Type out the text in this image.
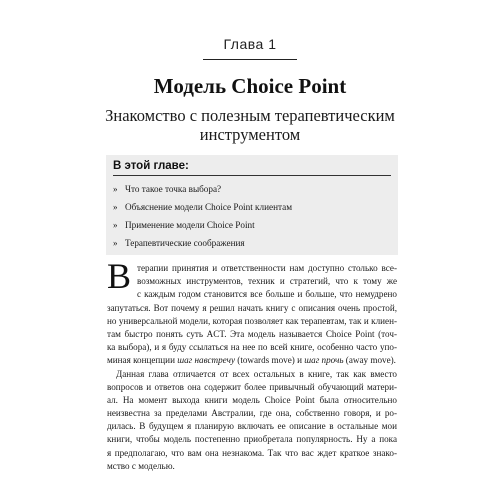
Глава 1
Модель Choice Point
Знакомство с полезным терапевтическим инструментом
В этой главе:
» Что такое точка выбора?
» Объяснение модели Choice Point клиентам
» Применение модели Choice Point
» Терапевтические соображения
В терапии принятия и ответственности нам доступно столько все-
возможных инструментов, техник и стратегий, что к тому же
с каждым годом становится все больше и больше, что немудрено
запутаться. Вот почему я решил начать книгу с описания очень простой,
но универсальной модели, которая позволяет как терапевтам, так и клиен-
там быстро понять суть ACT. Эта модель называется Choice Point (точ-
ка выбора), и я буду ссылаться на нее по всей книге, особенно часто упо-
миная концепции шаг навстречу (towards move) и шаг прочь (away move).
Данная глава отличается от всех остальных в книге, так как вместо
вопросов и ответов она содержит более привычный обучающий матери-
ал. На момент выхода книги модель Choice Point была относительно
неизвестна за пределами Австралии, где она, собственно говоря, и ро-
дилась. В будущем я планирую включать ее описание в остальные мои
книги, чтобы модель постепенно приобретала популярность. Ну а пока
я предполагаю, что вам она незнакома. Так что вас ждет краткое знако-
мство с моделью.
